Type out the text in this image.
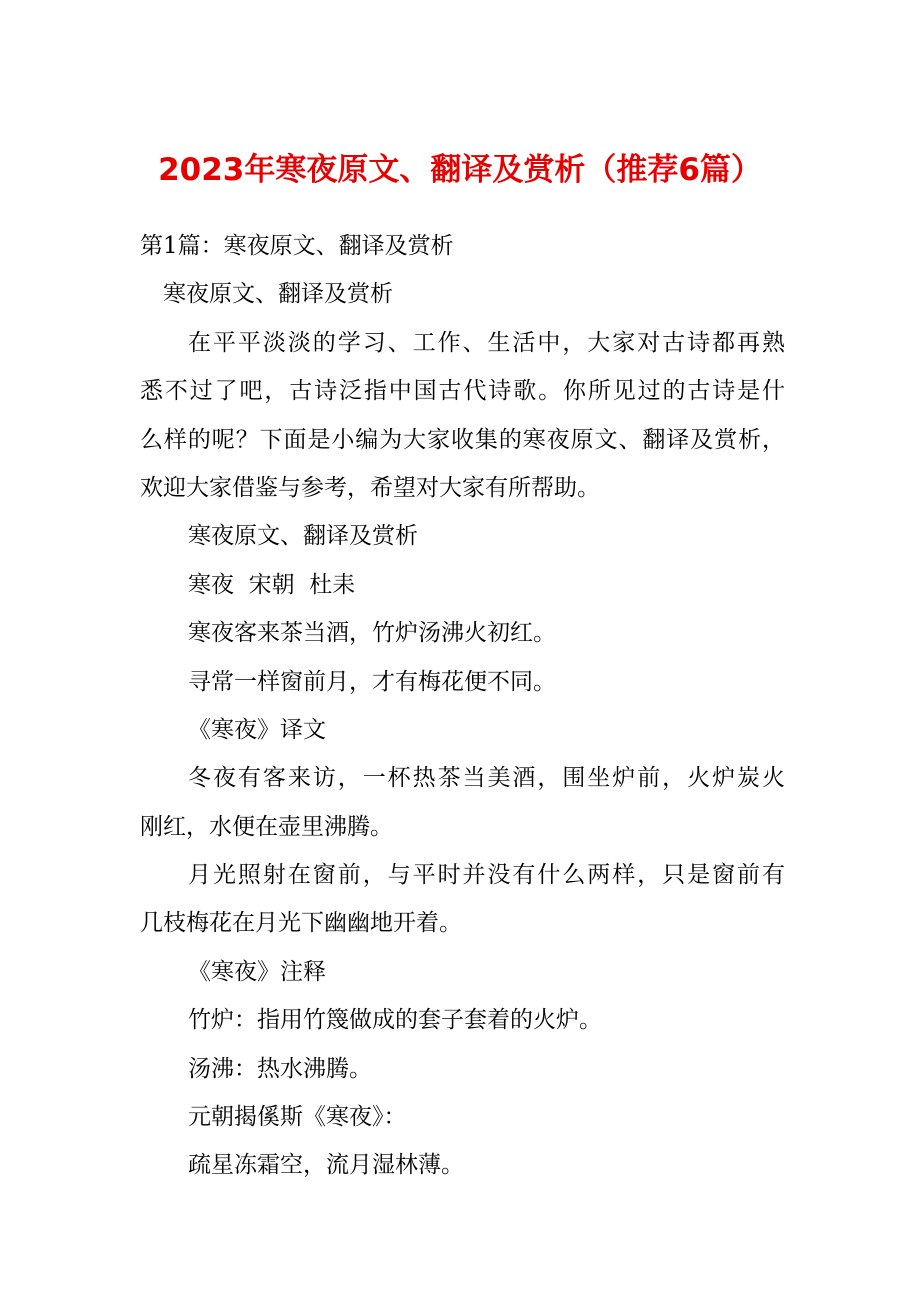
2023年寒夜原文、翻译及赏析（推荐6篇）
第1篇：寒夜原文、翻译及赏析
寒夜原文、翻译及赏析
在平平淡淡的学习、工作、生活中，大家对古诗都再熟
悉不过了吧，古诗泛指中国古代诗歌。你所见过的古诗是什
么样的呢？下面是小编为大家收集的寒夜原文、翻译及赏析，
欢迎大家借鉴与参考，希望对大家有所帮助。
寒夜原文、翻译及赏析
寒夜  宋朝  杜耒
寒夜客来茶当酒，竹炉汤沸火初红。
寻常一样窗前月，才有梅花便不同。
《寒夜》译文
冬夜有客来访，一杯热茶当美酒，围坐炉前，火炉炭火
刚红，水便在壶里沸腾。
月光照射在窗前，与平时并没有什么两样，只是窗前有
几枝梅花在月光下幽幽地开着。
《寒夜》注释
竹炉：指用竹篾做成的套子套着的火炉。
汤沸：热水沸腾。
元朝揭傒斯《寒夜》：
疏星冻霜空，流月湿林薄。
